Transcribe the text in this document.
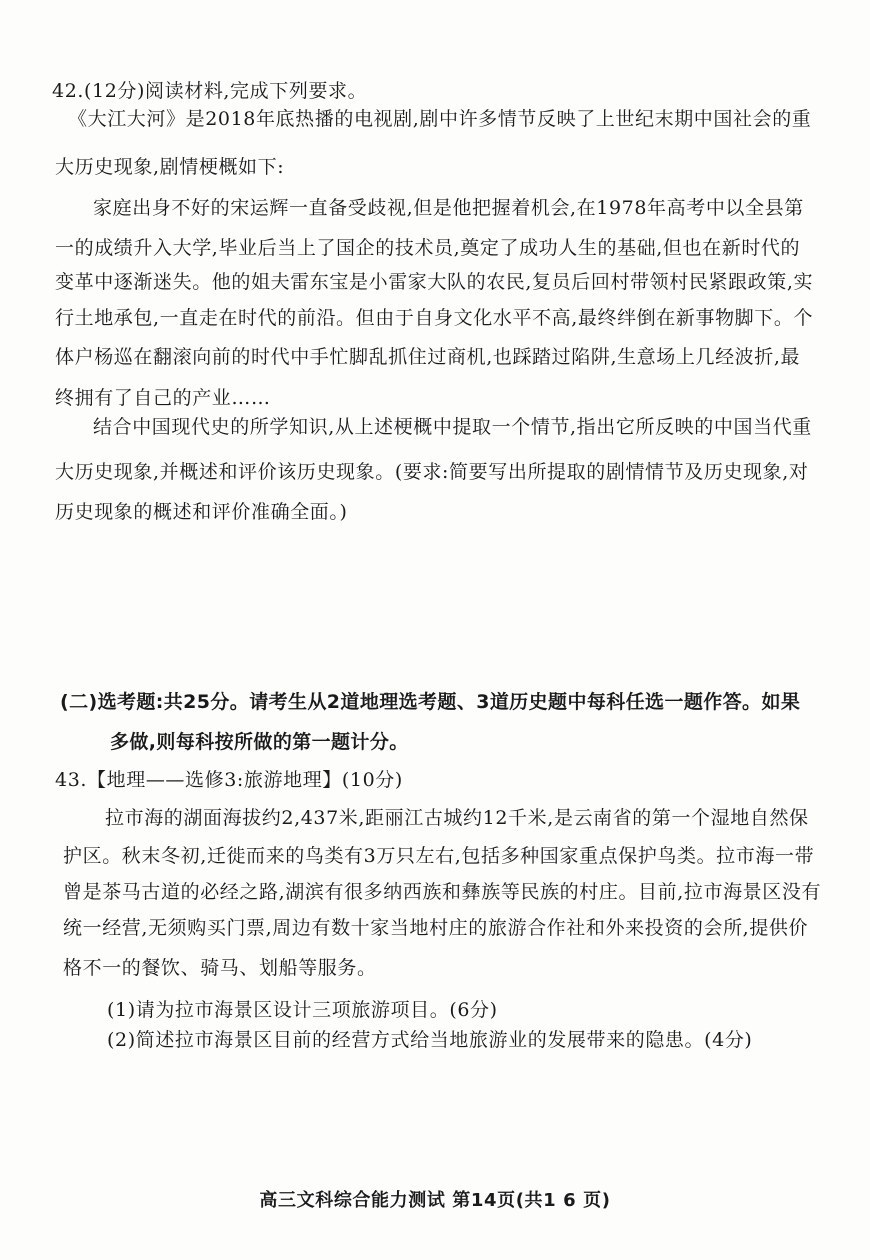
42.(12分)阅读材料,完成下列要求。
《大江大河》是2018年底热播的电视剧,剧中许多情节反映了上世纪末期中国社会的重
大历史现象,剧情梗概如下:
家庭出身不好的宋运辉一直备受歧视,但是他把握着机会,在1978年高考中以全县第
一的成绩升入大学,毕业后当上了国企的技术员,奠定了成功人生的基础,但也在新时代的
变革中逐渐迷失。他的姐夫雷东宝是小雷家大队的农民,复员后回村带领村民紧跟政策,实
行土地承包,一直走在时代的前沿。但由于自身文化水平不高,最终绊倒在新事物脚下。个
体户杨巡在翻滚向前的时代中手忙脚乱抓住过商机,也踩踏过陷阱,生意场上几经波折,最
终拥有了自己的产业……
结合中国现代史的所学知识,从上述梗概中提取一个情节,指出它所反映的中国当代重
大历史现象,并概述和评价该历史现象。(要求:简要写出所提取的剧情情节及历史现象,对
历史现象的概述和评价准确全面。)
(二)选考题:共25分。请考生从2道地理选考题、3道历史题中每科任选一题作答。如果
多做,则每科按所做的第一题计分。
43.【地理——选修3:旅游地理】(10分)
拉市海的湖面海拔约2,437米,距丽江古城约12千米,是云南省的第一个湿地自然保
护区。秋末冬初,迁徙而来的鸟类有3万只左右,包括多种国家重点保护鸟类。拉市海一带
曾是茶马古道的必经之路,湖滨有很多纳西族和彝族等民族的村庄。目前,拉市海景区没有
统一经营,无须购买门票,周边有数十家当地村庄的旅游合作社和外来投资的会所,提供价
格不一的餐饮、骑马、划船等服务。
(1)请为拉市海景区设计三项旅游项目。(6分)
(2)简述拉市海景区目前的经营方式给当地旅游业的发展带来的隐患。(4分)
高三文科综合能力测试 第14页(共1 6 页)
